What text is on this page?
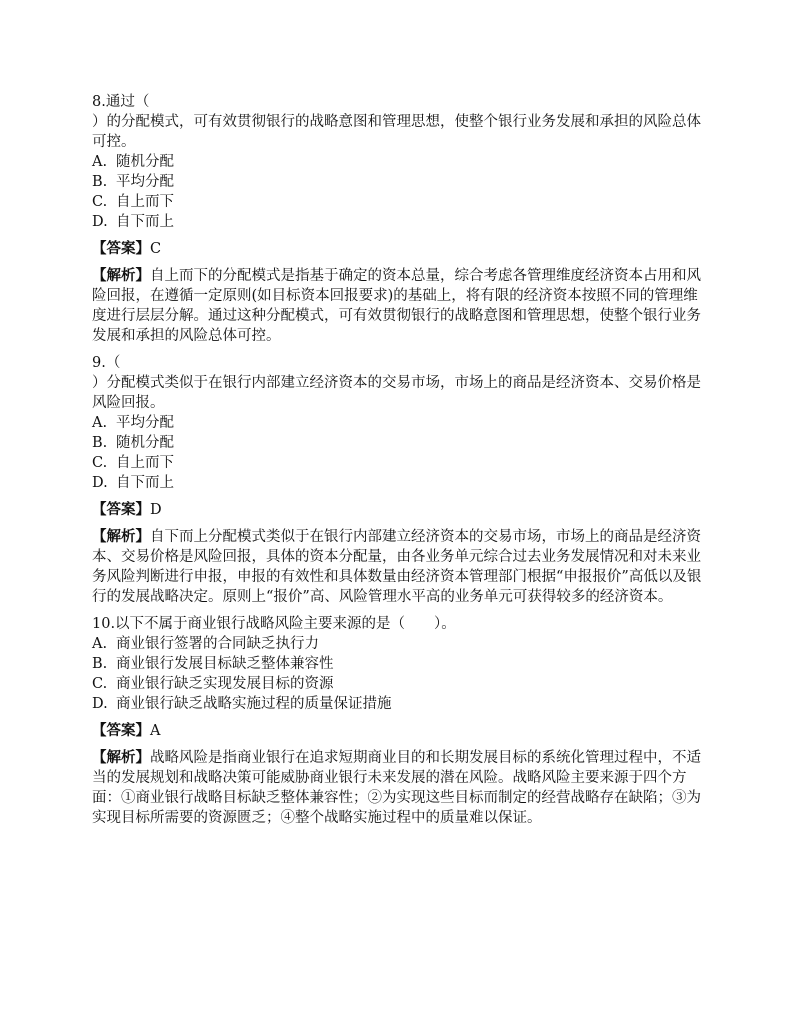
8.通过（

）的分配模式，可有效贯彻银行的战略意图和管理思想，使整个银行业务发展和承担的风险总体可控。

A. 随机分配

B. 平均分配

C. 自上而下

D. 自下而上

【答案】C

【解析】自上而下的分配模式是指基于确定的资本总量，综合考虑各管理维度经济资本占用和风险回报，在遵循一定原则(如目标资本回报要求)的基础上，将有限的经济资本按照不同的管理维度进行层层分解。通过这种分配模式，可有效贯彻银行的战略意图和管理思想，使整个银行业务发展和承担的风险总体可控。

9.（

）分配模式类似于在银行内部建立经济资本的交易市场，市场上的商品是经济资本、交易价格是风险回报。

A. 平均分配

B. 随机分配

C. 自上而下

D. 自下而上

【答案】D

【解析】自下而上分配模式类似于在银行内部建立经济资本的交易市场，市场上的商品是经济资本、交易价格是风险回报，具体的资本分配量，由各业务单元综合过去业务发展情况和对未来业务风险判断进行申报，申报的有效性和具体数量由经济资本管理部门根据“申报报价”高低以及银行的发展战略决定。原则上“报价”高、风险管理水平高的业务单元可获得较多的经济资本。

10.以下不属于商业银行战略风险主要来源的是（　　）。

A. 商业银行签署的合同缺乏执行力

B. 商业银行发展目标缺乏整体兼容性

C. 商业银行缺乏实现发展目标的资源

D. 商业银行缺乏战略实施过程的质量保证措施

【答案】A

【解析】战略风险是指商业银行在追求短期商业目的和长期发展目标的系统化管理过程中，不适当的发展规划和战略决策可能威胁商业银行未来发展的潜在风险。战略风险主要来源于四个方面：①商业银行战略目标缺乏整体兼容性；②为实现这些目标而制定的经营战略存在缺陷；③为实现目标所需要的资源匮乏；④整个战略实施过程中的质量难以保证。
